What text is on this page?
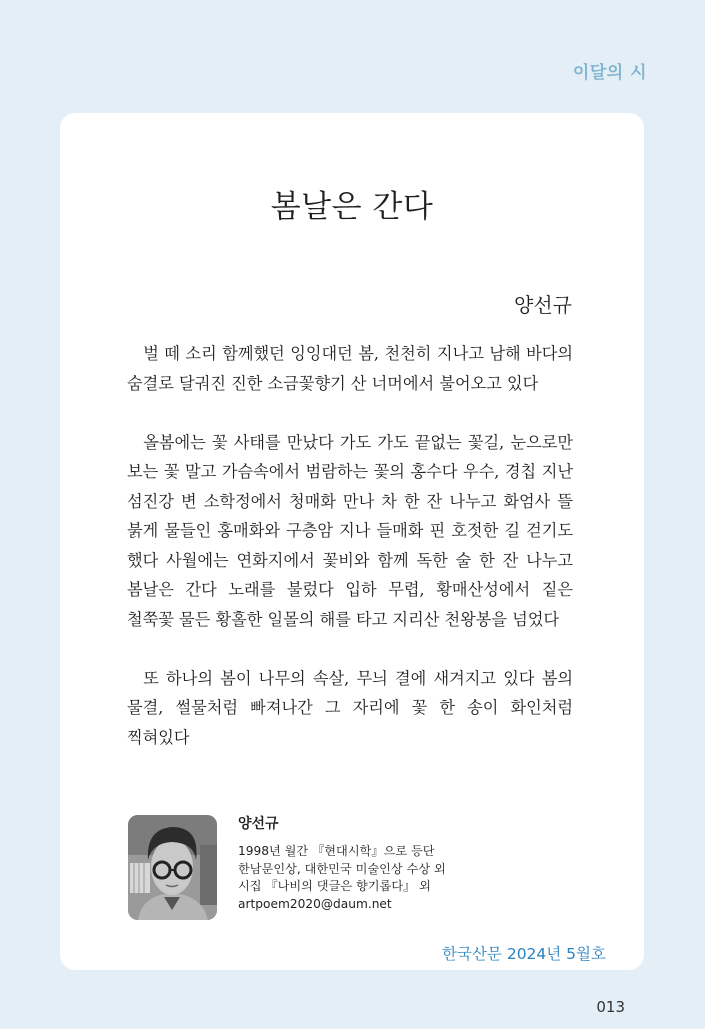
이달의 시
봄날은 간다
양선규

벌 떼 소리 함께했던 잉잉대던 봄, 천천히 지나고 남해 바다의 숨결로 달궈진 진한 소금꽃향기 산 너머에서 불어오고 있다

올봄에는 꽃 사태를 만났다 가도 가도 끝없는 꽃길, 눈으로만 보는 꽃 말고 가슴속에서 범람하는 꽃의 홍수다 우수, 경칩 지난 섬진강 변 소학정에서 청매화 만나 차 한 잔 나누고 화엄사 뜰 붉게 물들인 홍매화와 구층암 지나 들매화 핀 호젓한 길 걷기도 했다 사월에는 연화지에서 꽃비와 함께 독한 술 한 잔 나누고 봄날은 간다 노래를 불렀다 입하 무렵, 황매산성에서 짙은 철쭉꽃 물든 황홀한 일몰의 해를 타고 지리산 천왕봉을 넘었다

또 하나의 봄이 나무의 속살, 무늬 결에 새겨지고 있다 봄의 물결, 썰물처럼 빠져나간 그 자리에 꽃 한 송이 화인처럼 찍혀있다

양선규
1998년 월간 『현대시학』으로 등단
한남문인상, 대한민국 미술인상 수상 외
시집 『나비의 댓글은 향기롭다』 외
artpoem2020@daum.net
한국산문 2024년 5월호
013
